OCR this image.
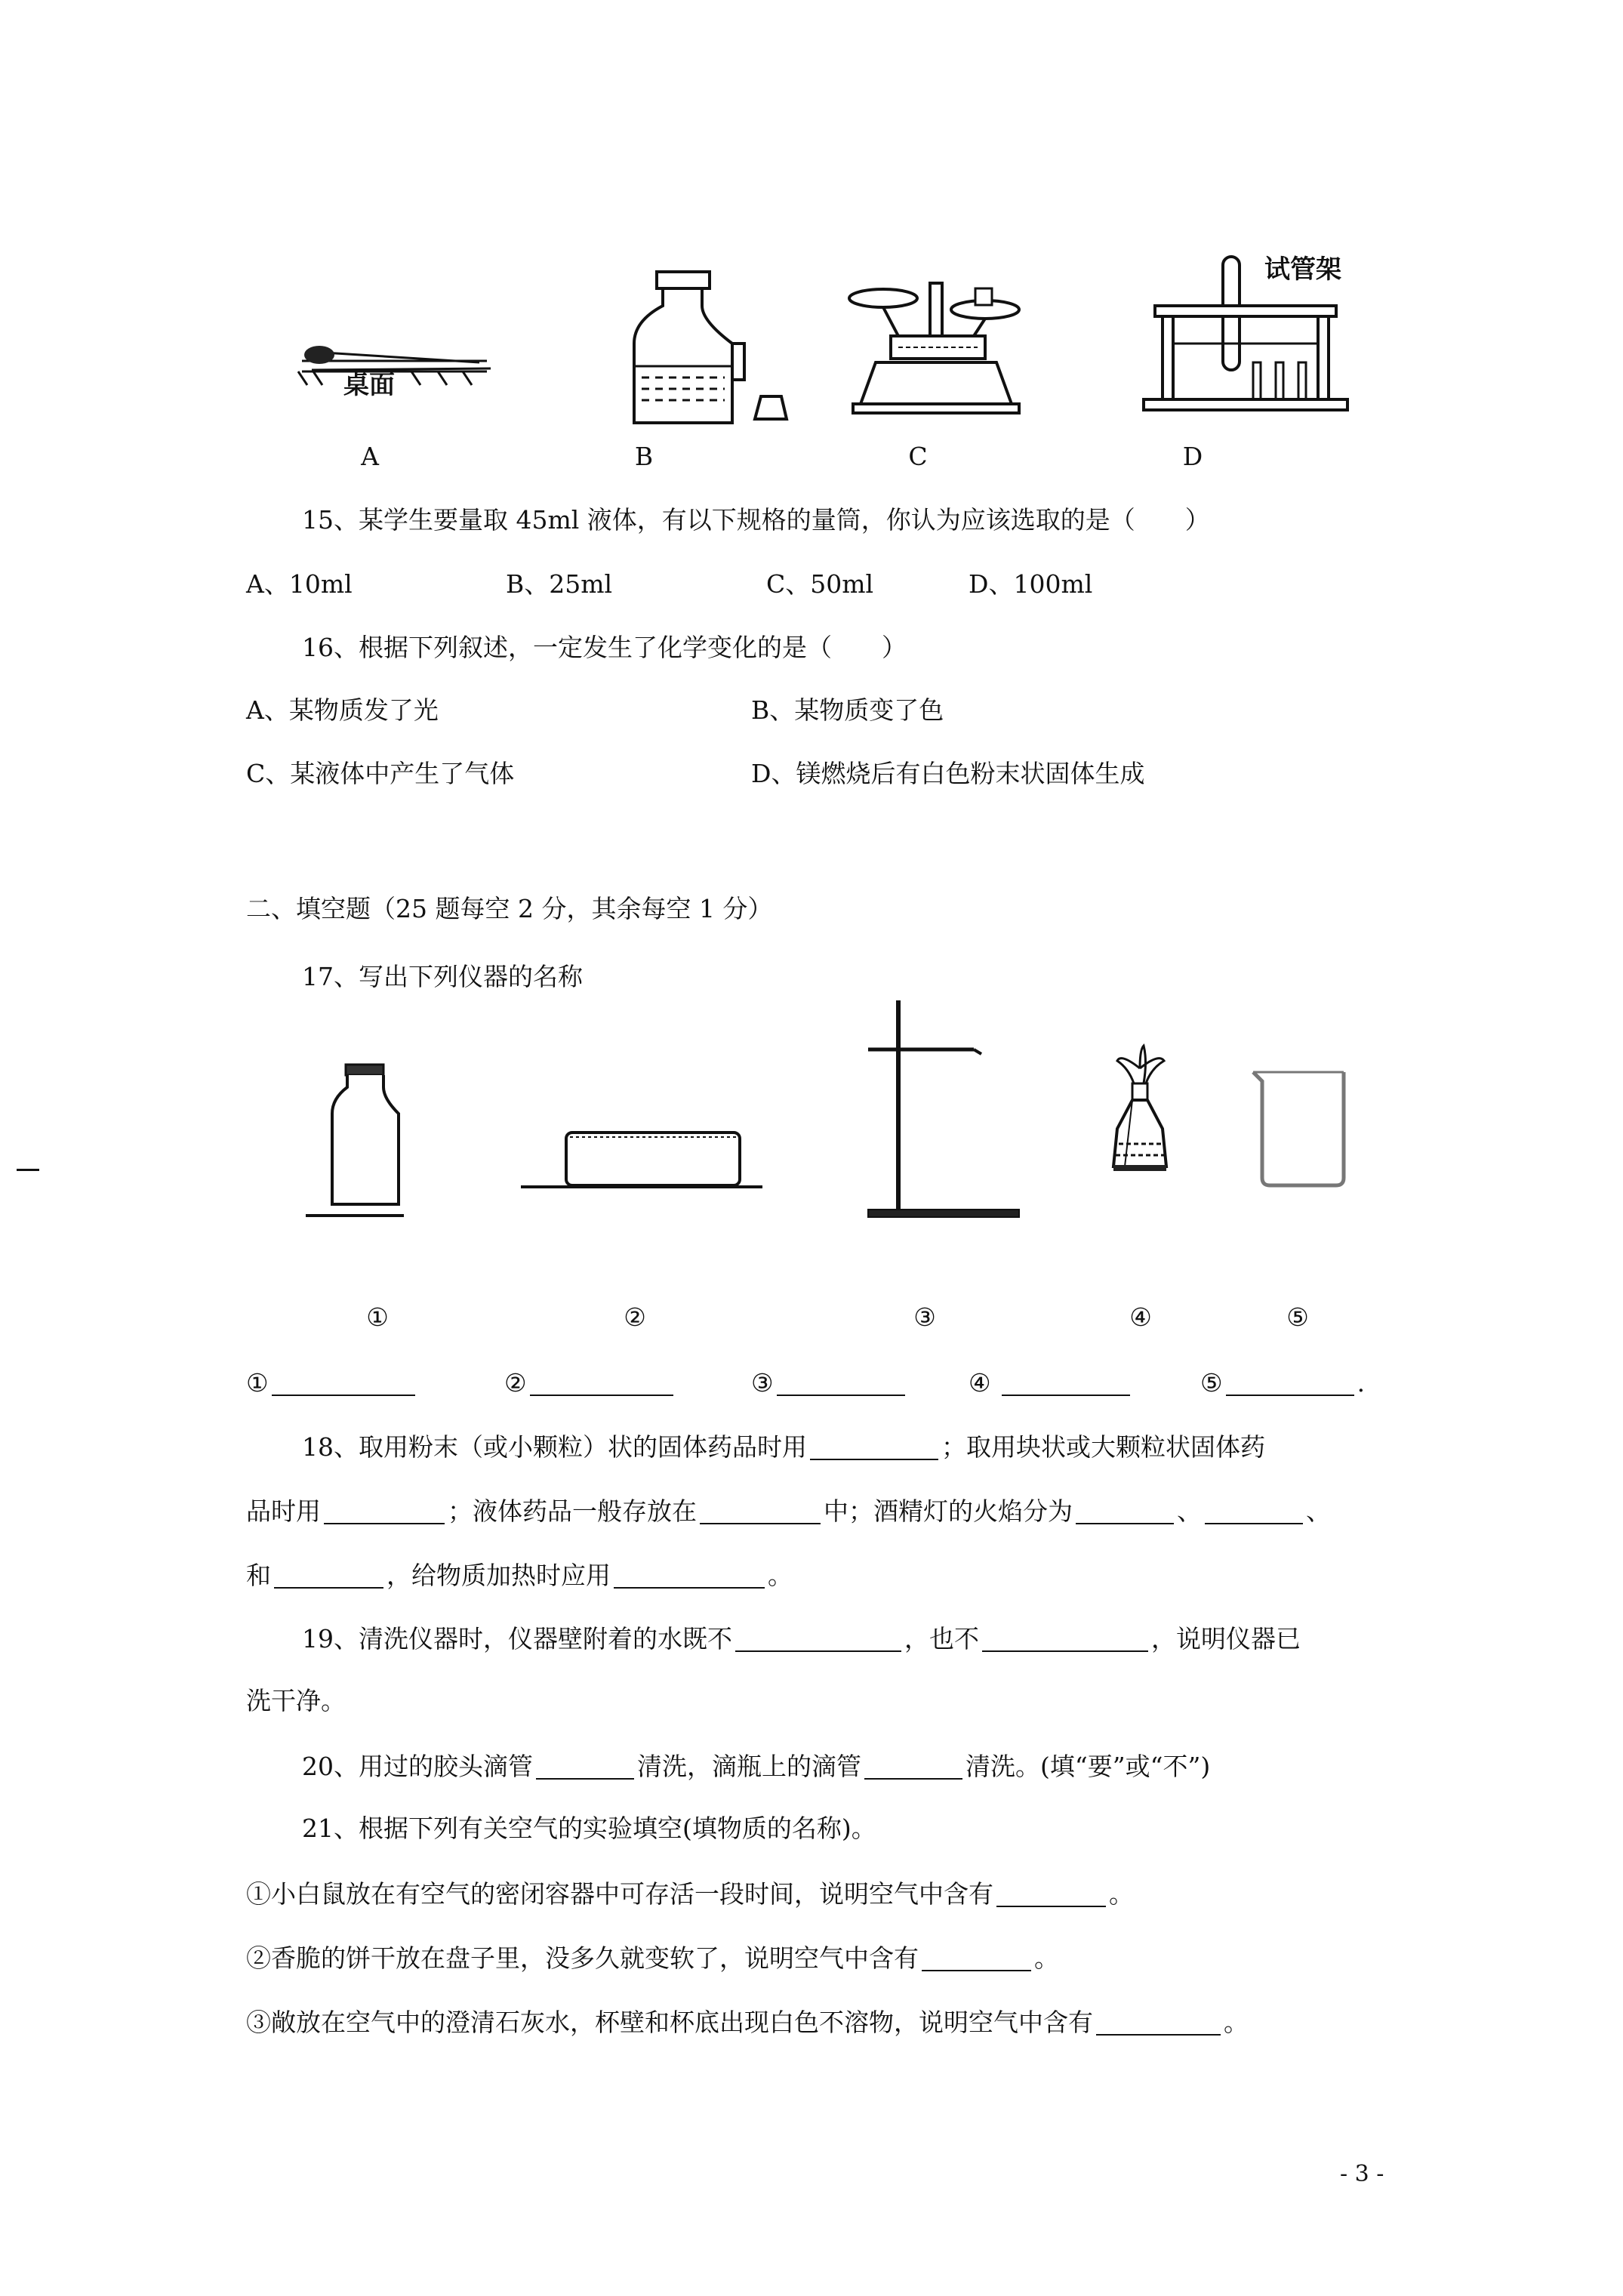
桌面
试管架
A	B	C	D
15、某学生要量取 45ml 液体，有以下规格的量筒，你认为应该选取的是（　　）
A、10ml	B、25ml	C、50ml	D、100ml
16、根据下列叙述，一定发生了化学变化的是（　　）
A、某物质发了光	B、某物质变了色
C、某液体中产生了气体	D、镁燃烧后有白色粉末状固体生成
二、填空题（25 题每空 2 分，其余每空 1 分）
17、写出下列仪器的名称
①	②	③	④	⑤
①	②	③	④	⑤	.
18、取用粉末（或小颗粒）状的固体药品时用	；取用块状或大颗粒状固体药
品时用	；液体药品一般存放在	中；酒精灯的火焰分为	、	、
和	，给物质加热时应用	。
19、清洗仪器时，仪器壁附着的水既不	，也不	，说明仪器已
洗干净。
20、用过的胶头滴管	清洗，滴瓶上的滴管	清洗。(填“要”或“不”)
21、根据下列有关空气的实验填空(填物质的名称)。
①小白鼠放在有空气的密闭容器中可存活一段时间，说明空气中含有	。
②香脆的饼干放在盘子里，没多久就变软了，说明空气中含有	。
③敞放在空气中的澄清石灰水，杯壁和杯底出现白色不溶物，说明空气中含有	。
- 3 -
